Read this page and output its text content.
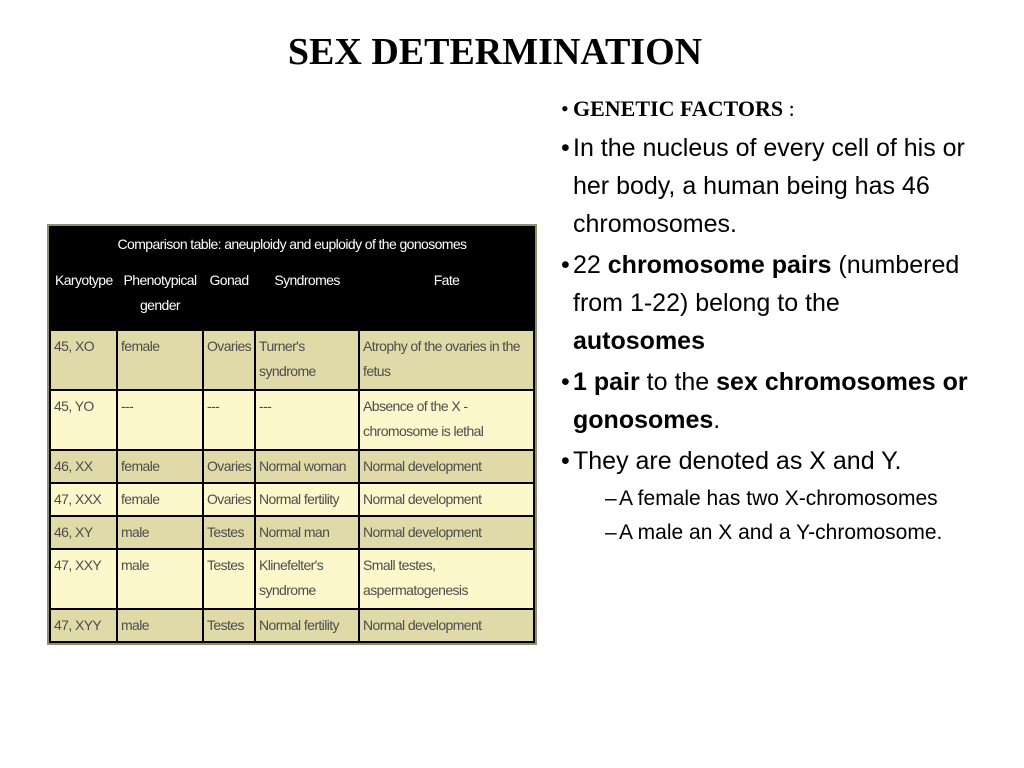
SEX DETERMINATION
Comparison table: aneuploidy and euploidy of the gonosomes				
Karyotype	Phenotypical gender	Gonad	Syndromes	Fate
45, XO	female	Ovaries	Turner's syndrome	Atrophy of the ovaries in the fetus
45, YO	---	---	---	Absence of the X - chromosome is lethal
46, XX	female	Ovaries	Normal woman	Normal development
47, XXX	female	Ovaries	Normal fertility	Normal development
46, XY	male	Testes	Normal man	Normal development
47, XXY	male	Testes	Klinefelter's syndrome	Small testes, aspermatogenesis
47, XYY	male	Testes	Normal fertility	Normal development
• GENETIC FACTORS :
• In the nucleus of every cell of his or her body, a human being has 46 chromosomes.
• 22 chromosome pairs (numbered from 1-22) belong to the autosomes
• 1 pair to the sex chromosomes or gonosomes.
• They are denoted as X and Y.
– A female has two X-chromosomes
– A male an X and a Y-chromosome.
